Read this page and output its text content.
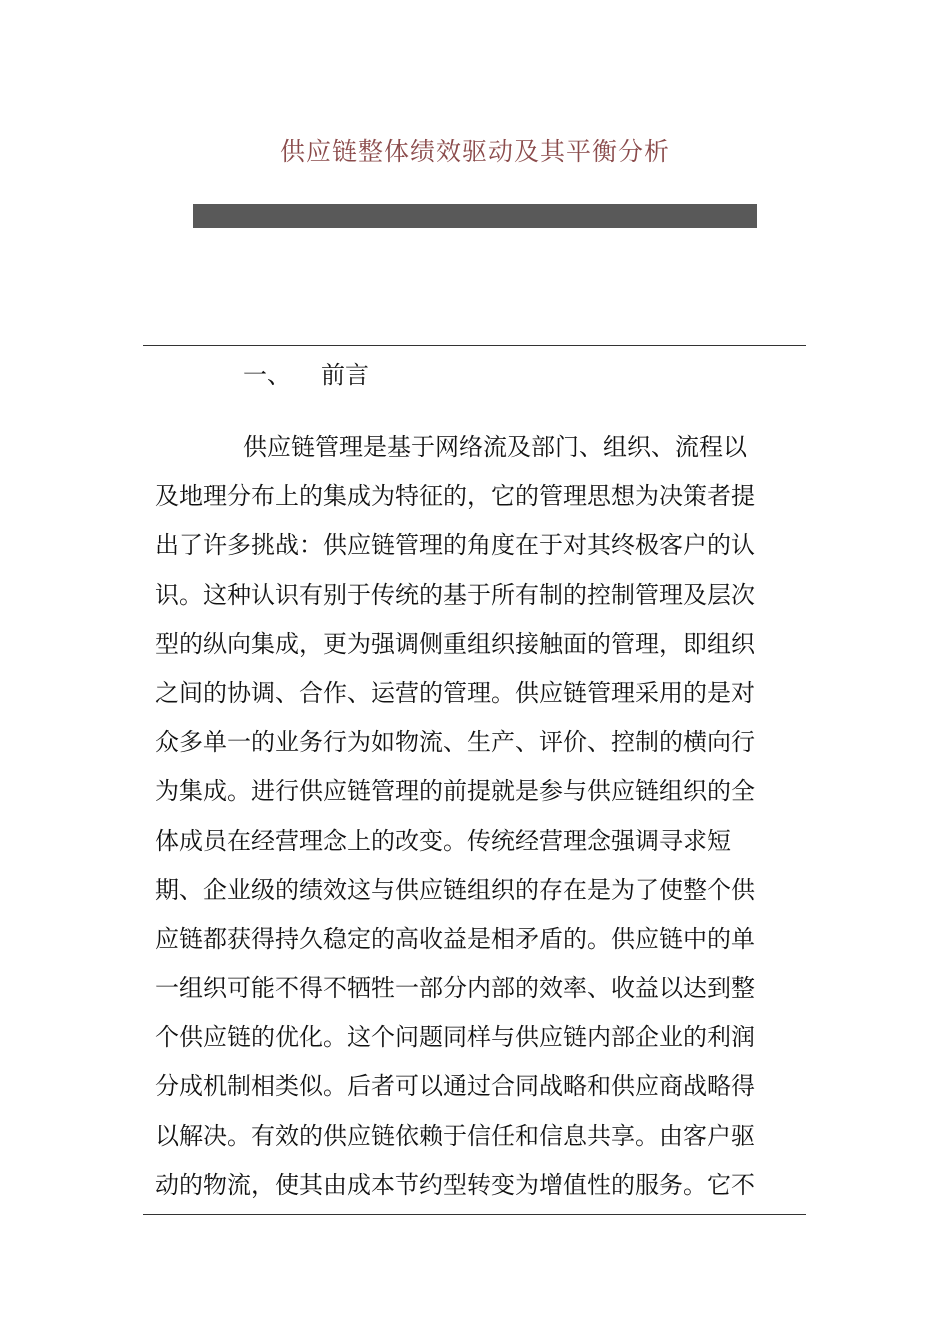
供应链整体绩效驱动及其平衡分析
一、 前言
供应链管理是基于网络流及部门、组织、流程以
及地理分布上的集成为特征的，它的管理思想为决策者提
出了许多挑战：供应链管理的角度在于对其终极客户的认
识。这种认识有别于传统的基于所有制的控制管理及层次
型的纵向集成，更为强调侧重组织接触面的管理，即组织
之间的协调、合作、运营的管理。供应链管理采用的是对
众多单一的业务行为如物流、生产、评价、控制的横向行
为集成。进行供应链管理的前提就是参与供应链组织的全
体成员在经营理念上的改变。传统经营理念强调寻求短
期、企业级的绩效这与供应链组织的存在是为了使整个供
应链都获得持久稳定的高收益是相矛盾的。供应链中的单
一组织可能不得不牺牲一部分内部的效率、收益以达到整
个供应链的优化。这个问题同样与供应链内部企业的利润
分成机制相类似。后者可以通过合同战略和供应商战略得
以解决。有效的供应链依赖于信任和信息共享。由客户驱
动的物流，使其由成本节约型转变为增值性的服务。它不
